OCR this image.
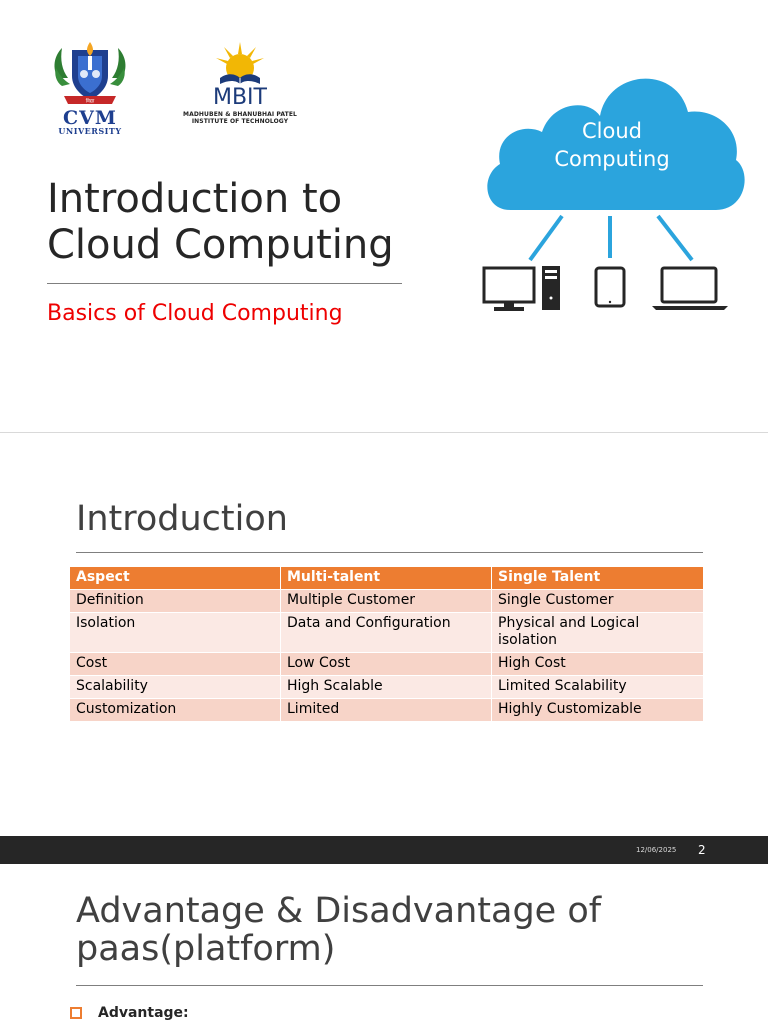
विद्या
CVM
UNIVERSITY
MBIT
MADHUBEN & BHANUBHAI PATEL
INSTITUTE OF TECHNOLOGY
Introduction to
Cloud Computing
Basics of Cloud Computing
Cloud
Computing
Introduction
Aspect	Multi-talent	Single Talent
Definition	Multiple Customer	Single Customer
Isolation	Data and Configuration	Physical and Logical isolation
Cost	Low Cost	High Cost
Scalability	High Scalable	Limited Scalability
Customization	Limited	Highly Customizable
12/06/2025 2
Advantage & Disadvantage of
paas(platform)
Advantage:
